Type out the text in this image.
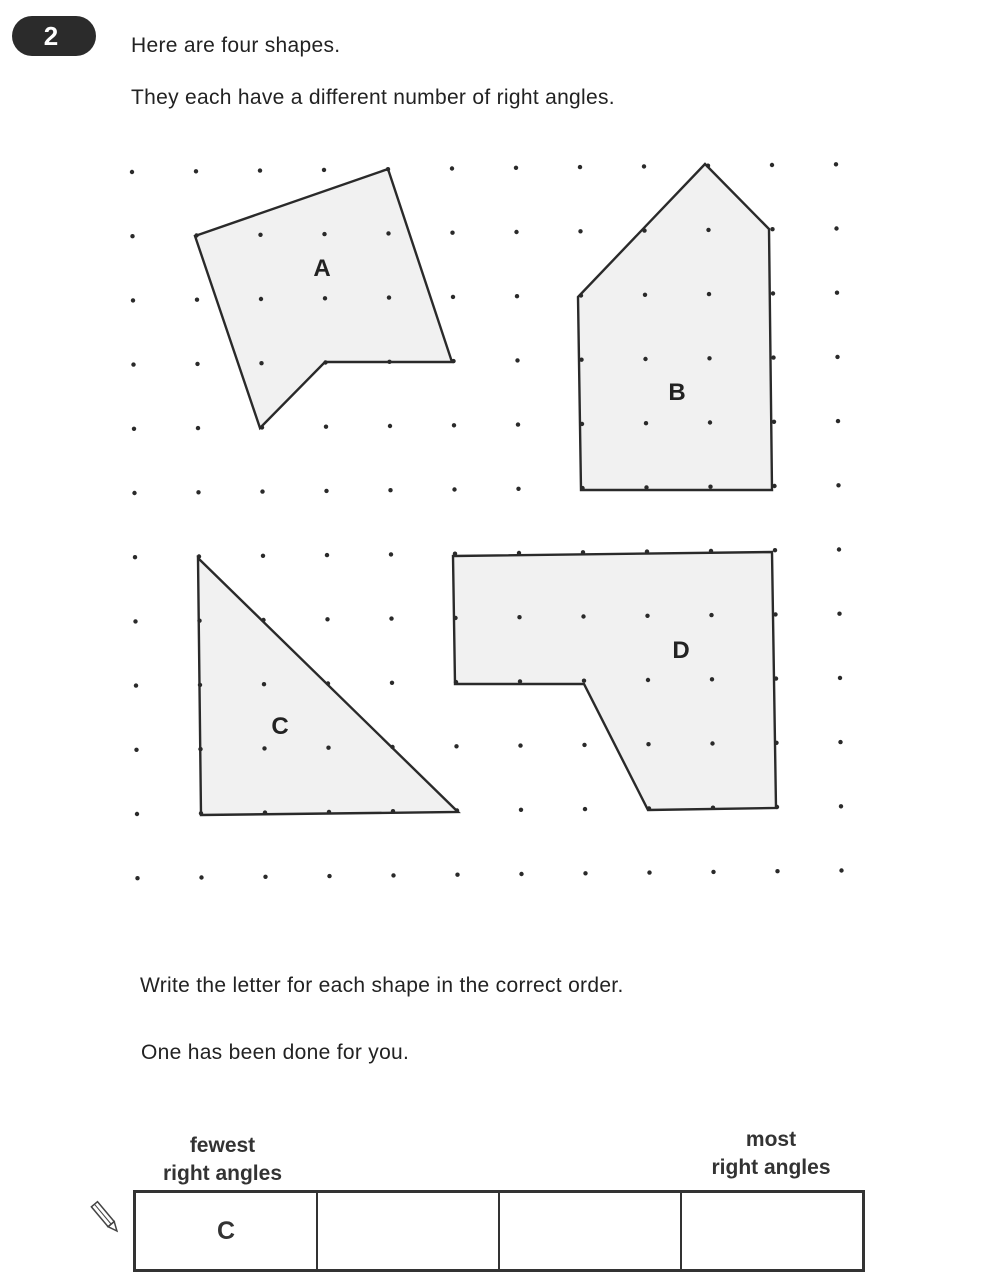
2	Here are four shapes.
They each have a different number of right angles.
A
B
C
D
Write the letter for each shape in the correct order.
One has been done for you.
fewest
right angles
most
right angles
C
